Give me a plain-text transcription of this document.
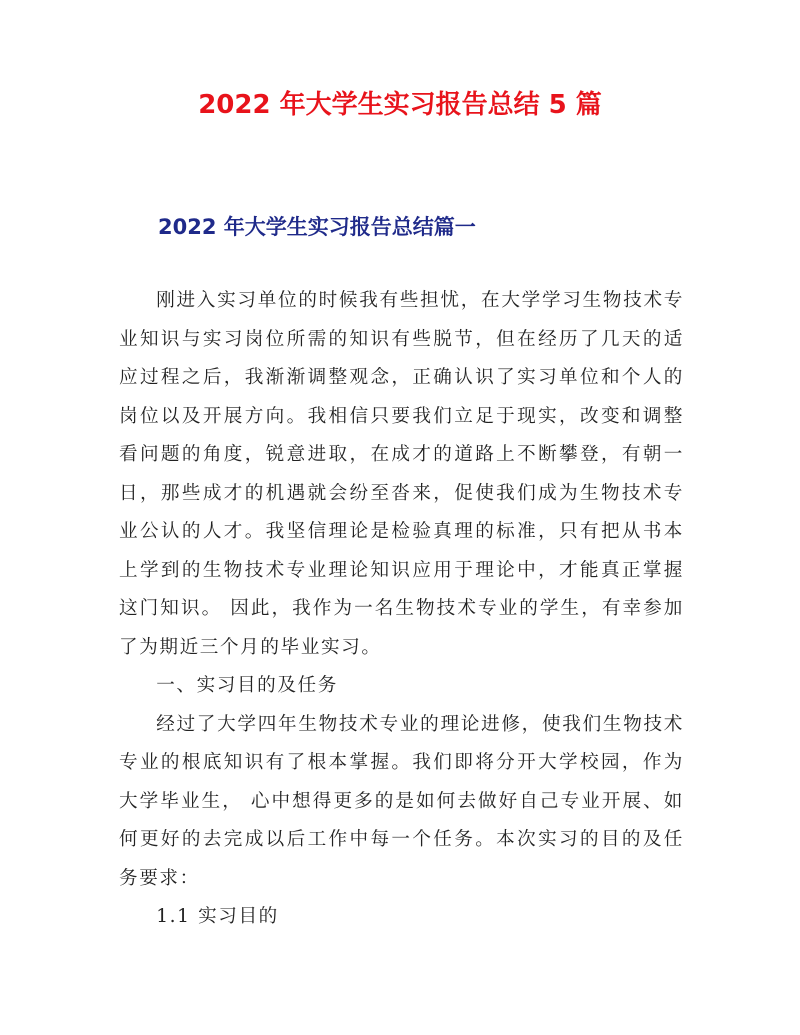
2022 年大学生实习报告总结 5 篇
2022 年大学生实习报告总结篇一

刚进入实习单位的时候我有些担忧，在大学学习生物技术专业知识与实习岗位所需的知识有些脱节，但在经历了几天的适应过程之后，我渐渐调整观念，正确认识了实习单位和个人的岗位以及开展方向。我相信只要我们立足于现实，改变和调整看问题的角度，锐意进取，在成才的道路上不断攀登，有朝一日，那些成才的机遇就会纷至沓来，促使我们成为生物技术专业公认的人才。我坚信理论是检验真理的标准，只有把从书本上学到的生物技术专业理论知识应用于理论中，才能真正掌握这门知识。 因此，我作为一名生物技术专业的学生，有幸参加了为期近三个月的毕业实习。

一、实习目的及任务

经过了大学四年生物技术专业的理论进修，使我们生物技术专业的根底知识有了根本掌握。我们即将分开大学校园，作为大学毕业生， 心中想得更多的是如何去做好自己专业开展、如何更好的去完成以后工作中每一个任务。本次实习的目的及任务要求：

1.1 实习目的
